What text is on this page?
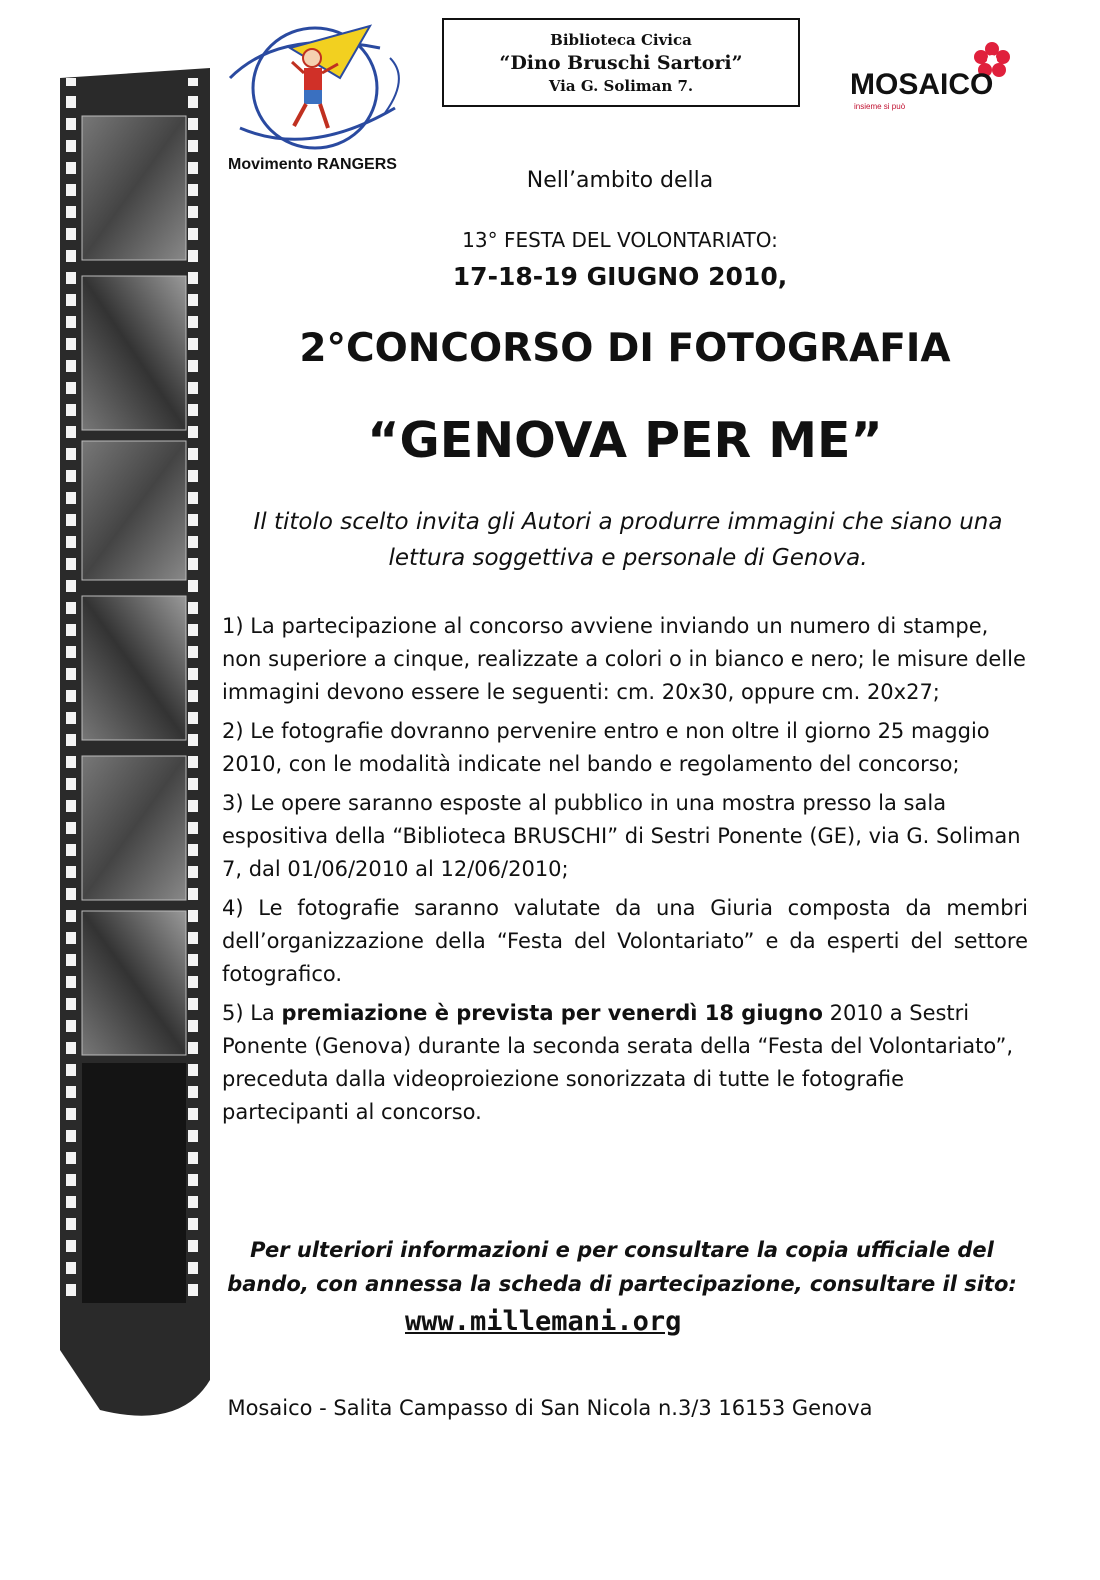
Movimento RANGERS
Biblioteca Civica
“Dino Bruschi Sartori”
Via G. Soliman 7.	MOSAICO
insieme si può
Nell’ambito della
13° FESTA DEL VOLONTARIATO:
17-18-19 GIUGNO 2010,
2°CONCORSO DI FOTOGRAFIA
“GENOVA PER ME”
Il titolo scelto invita gli Autori a produrre immagini che siano una lettura soggettiva e personale di Genova.

1) La partecipazione al concorso avviene inviando un numero di stampe, non superiore a cinque, realizzate a colori o in bianco e nero; le misure delle immagini devono essere le seguenti: cm. 20x30, oppure cm. 20x27;

2) Le fotografie dovranno pervenire entro e non oltre il giorno 25 maggio 2010, con le modalità indicate nel bando e regolamento del concorso;

3) Le opere saranno esposte al pubblico in una mostra presso la sala espositiva della “Biblioteca BRUSCHI” di Sestri Ponente (GE), via G. Soliman 7, dal 01/06/2010 al 12/06/2010;

4) Le fotografie saranno valutate da una Giuria composta da membri dell’organizzazione della “Festa del Volontariato” e da esperti del settore fotografico.

5) La premiazione è prevista per venerdì 18 giugno 2010 a Sestri Ponente (Genova) durante la seconda serata della “Festa del Volontariato”, preceduta dalla videoproiezione sonorizzata di tutte le fotografie partecipanti al concorso.

Per ulteriori informazioni e per consultare la copia ufficiale del bando, con annessa la scheda di partecipazione, consultare il sito:
www.millemani.org
Mosaico - Salita Campasso di San Nicola n.3/3 16153 Genova
